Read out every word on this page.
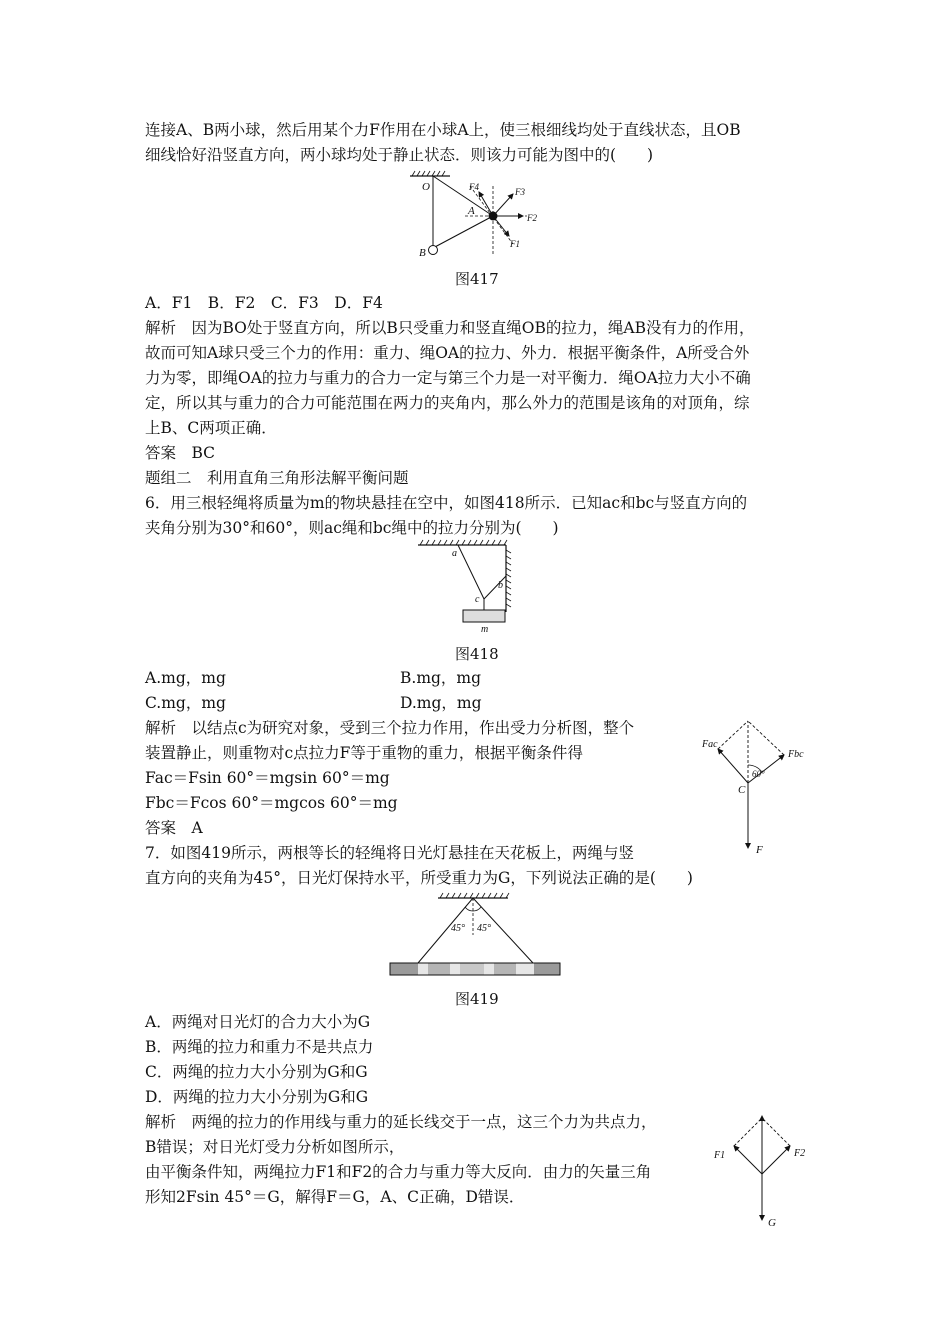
连接A、B两小球，然后用某个力F作用在小球A上，使三根细线均处于直线状态，且OB
细线恰好沿竖直方向，两小球均处于静止状态．则该力可能为图中的(　　)
O
A
B
F4	F3
F2
F1
图417
A．F1　B．F2　C．F3　D．F4
解析　因为BO处于竖直方向，所以B只受重力和竖直绳OB的拉力，绳AB没有力的作用，
故而可知A球只受三个力的作用：重力、绳OA的拉力、外力．根据平衡条件，A所受合外
力为零，即绳OA的拉力与重力的合力一定与第三个力是一对平衡力．绳OA拉力大小不确
定，所以其与重力的合力可能范围在两力的夹角内，那么外力的范围是该角的对顶角，综
上B、C两项正确．
答案　BC
题组二　利用直角三角形法解平衡问题
6．用三根轻绳将质量为m的物块悬挂在空中，如图418所示．已知ac和bc与竖直方向的
夹角分别为30°和60°，则ac绳和bc绳中的拉力分别为(　　)
a
b
c
m
图418
A.mg，mg	B.mg，mg
C.mg，mg	D.mg，mg
解析　以结点c为研究对象，受到三个拉力作用，作出受力分析图，整个
装置静止，则重物对c点拉力F等于重物的重力，根据平衡条件得
Fac＝Fsin 60°＝mgsin 60°＝mg
Fbc＝Fcos 60°＝mgcos 60°＝mg
Fac
Fbc
60°
C
F
答案　A
7．如图419所示，两根等长的轻绳将日光灯悬挂在天花板上，两绳与竖
直方向的夹角为45°，日光灯保持水平，所受重力为G，下列说法正确的是(　　)
45° 45°
图419
A．两绳对日光灯的合力大小为G
B．两绳的拉力和重力不是共点力
C．两绳的拉力大小分别为G和G
D．两绳的拉力大小分别为G和G
解析　两绳的拉力的作用线与重力的延长线交于一点，这三个力为共点力，
B错误；对日光灯受力分析如图所示，
由平衡条件知，两绳拉力F1和F2的合力与重力等大反向．由力的矢量三角
形知2Fsin 45°＝G，解得F＝G，A、C正确，D错误．
F1	F2
G
